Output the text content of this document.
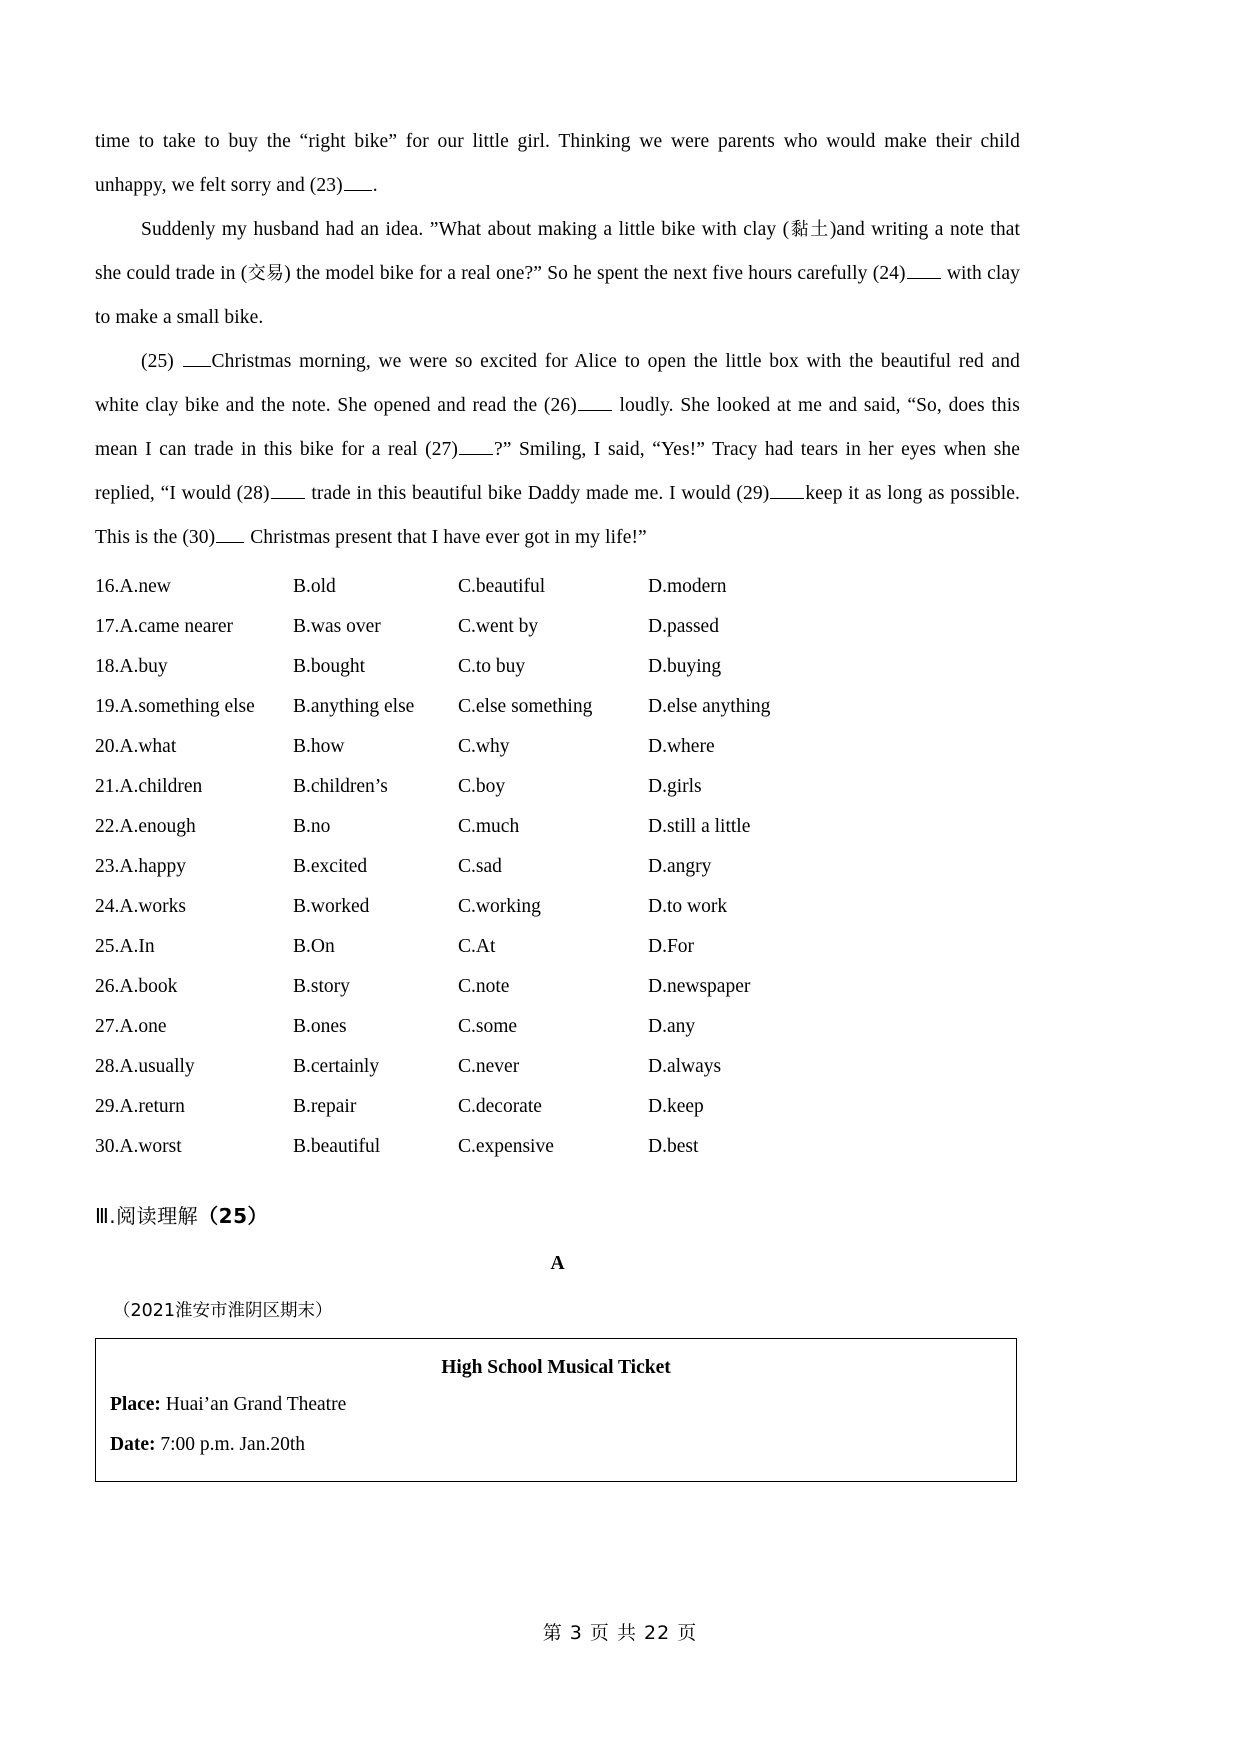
time to take to buy the “right bike” for our little girl. Thinking we were parents who would make their child unhappy, we felt sorry and (23) .

Suddenly my husband had an idea. ”What about making a little bike with clay (黏土)and writing a note that she could trade in (交易) the model bike for a real one?” So he spent the next five hours carefully (24) with clay to make a small bike.

(25) Christmas morning, we were so excited for Alice to open the little box with the beautiful red and white clay bike and the note. She opened and read the (26) loudly. She looked at me and said, “So, does this mean I can trade in this bike for a real (27) ?” Smiling, I said, “Yes!” Tracy had tears in her eyes when she replied, “I would (28) trade in this beautiful bike Daddy made me. I would (29) keep it as long as possible. This is the (30) Christmas present that I have ever got in my life!”

16.A.new	B.old	C.beautiful	D.modern
17.A.came nearer	B.was over	C.went by	D.passed
18.A.buy	B.bought	C.to buy	D.buying
19.A.something else	B.anything else	C.else something	D.else anything
20.A.what	B.how	C.why	D.where
21.A.children	B.children’s	C.boy	D.girls
22.A.enough	B.no	C.much	D.still a little
23.A.happy	B.excited	C.sad	D.angry
24.A.works	B.worked	C.working	D.to work
25.A.In	B.On	C.At	D.For
26.A.book	B.story	C.note	D.newspaper
27.A.one	B.ones	C.some	D.any
28.A.usually	B.certainly	C.never	D.always
29.A.return	B.repair	C.decorate	D.keep
30.A.worst	B.beautiful	C.expensive	D.best
Ⅲ.阅读理解（25）
A
（2021淮安市淮阴区期末）
High School Musical Ticket
Place: Huai’an Grand Theatre
Date: 7:00 p.m. Jan.20th
第 3 页 共 22 页
